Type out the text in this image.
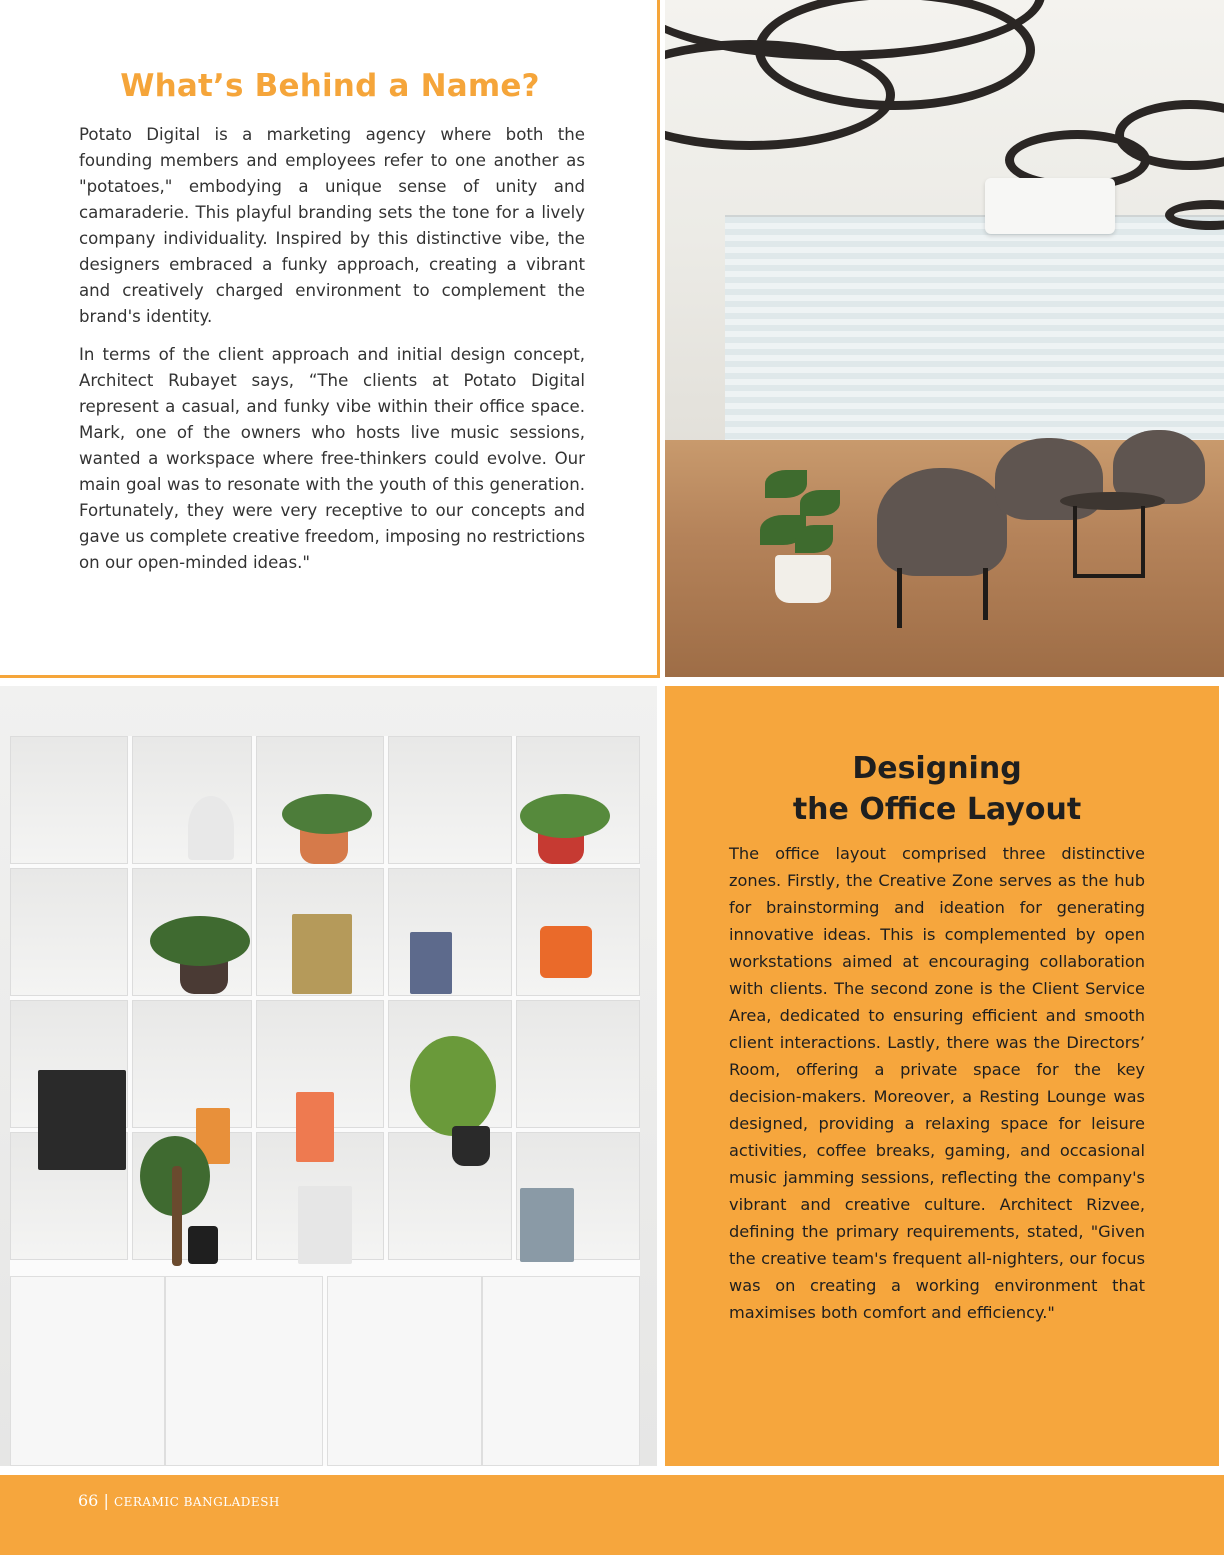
What’s Behind a Name?

Potato Digital is a marketing agency where both the founding members and employees refer to one another as "potatoes," embodying a unique sense of unity and camaraderie. This playful branding sets the tone for a lively company individuality. Inspired by this distinctive vibe, the designers embraced a funky approach, creating a vibrant and creatively charged environment to complement the brand's identity.

In terms of the client approach and initial design concept, Architect Rubayet says, “The clients at Potato Digital represent a casual, and funky vibe within their office space. Mark, one of the owners who hosts live music sessions, wanted a workspace where free-thinkers could evolve. Our main goal was to resonate with the youth of this generation. Fortunately, they were very receptive to our concepts and gave us complete creative freedom, imposing no restrictions on our open-minded ideas."

Designing
the Office Layout

The office layout comprised three distinctive zones. Firstly, the Creative Zone serves as the hub for brainstorming and ideation for generating innovative ideas. This is complemented by open workstations aimed at encouraging collaboration with clients. The second zone is the Client Service Area, dedicated to ensuring efficient and smooth client interactions. Lastly, there was the Directors’ Room, offering a private space for the key decision-makers. Moreover, a Resting Lounge was designed, providing a relaxing space for leisure activities, coffee breaks, gaming, and occasional music jamming sessions, reflecting the company's vibrant and creative culture. Architect Rizvee, defining the primary requirements, stated, "Given the creative team's frequent all-nighters, our focus was on creating a working environment that maximises both comfort and efficiency."

66 | CERAMIC BANGLADESH
